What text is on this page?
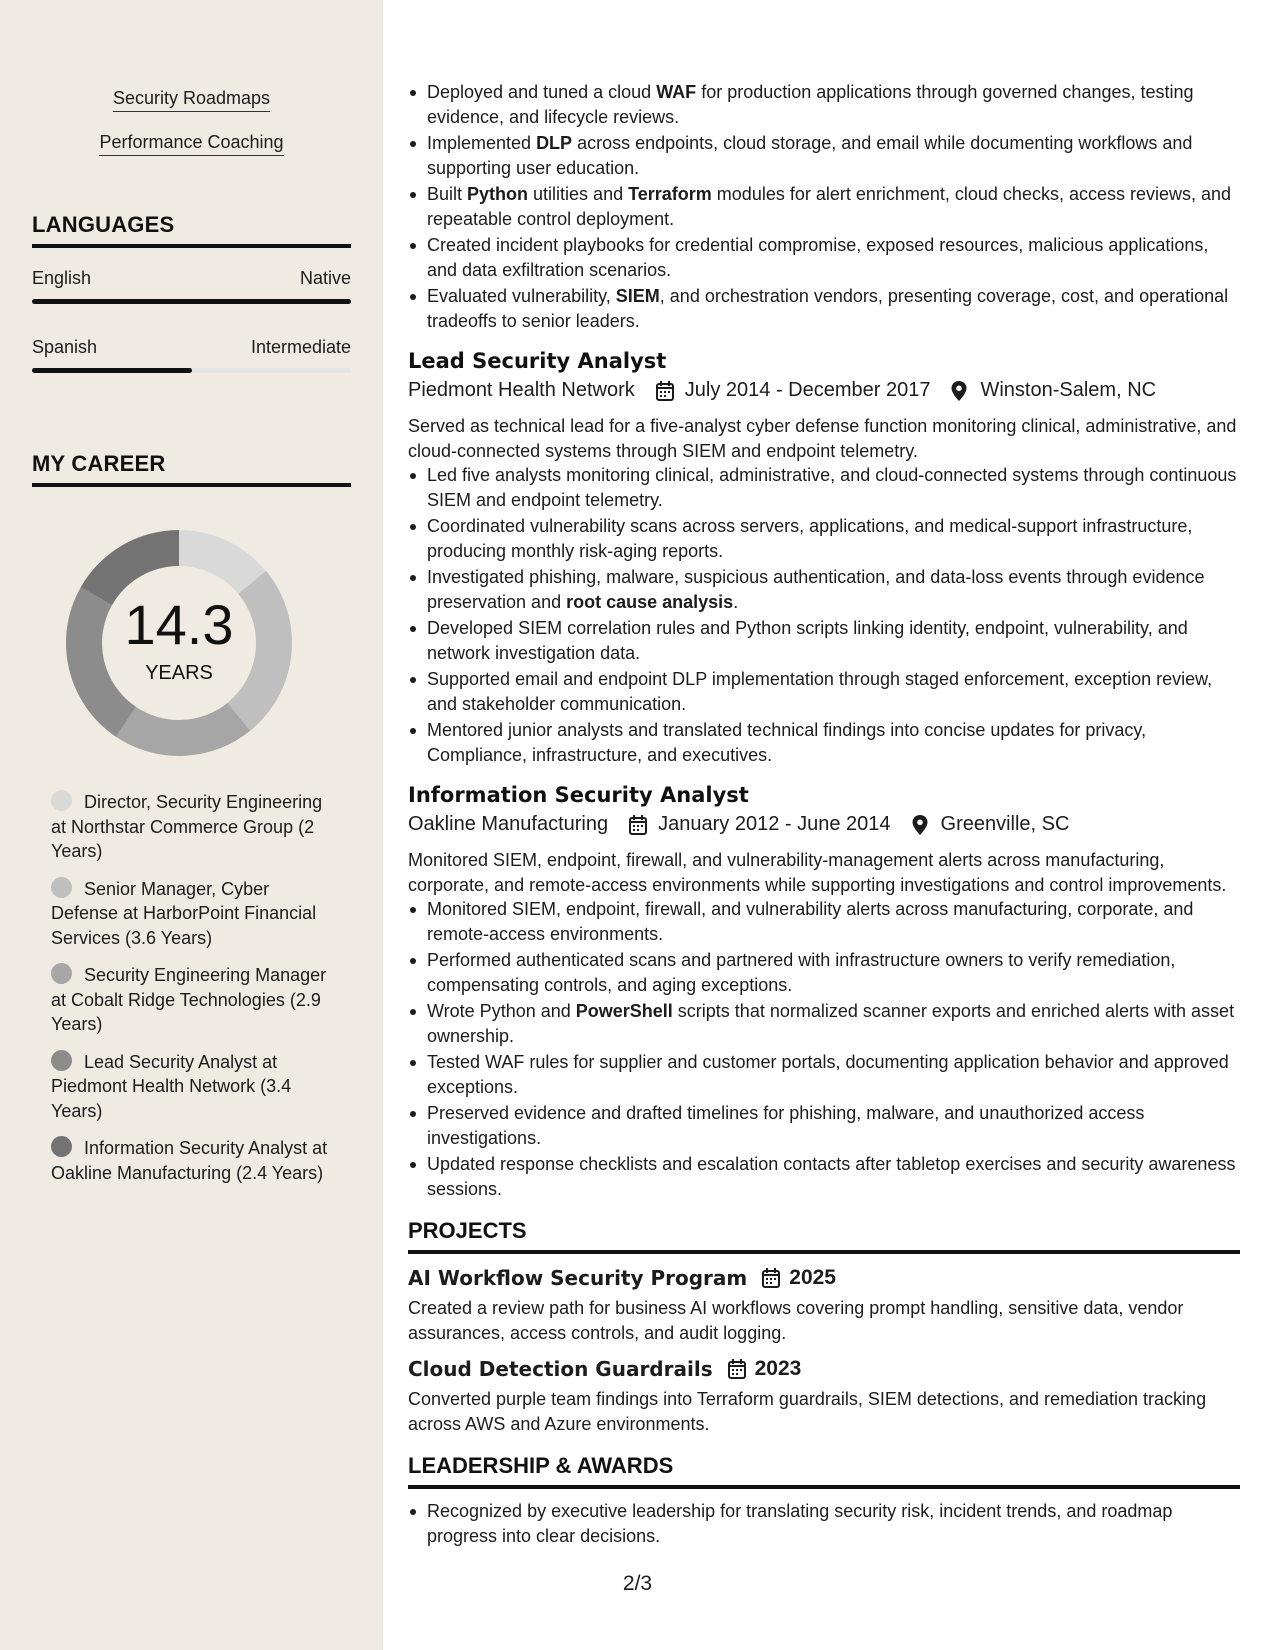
Security Roadmaps
Performance Coaching
LANGUAGES
English	Native
Spanish	Intermediate
MY CAREER
14.3
YEARS
Director, Security Engineering at Northstar Commerce Group (2 Years)
Senior Manager, Cyber Defense at HarborPoint Financial Services (3.6 Years)
Security Engineering Manager at Cobalt Ridge Technologies (2.9 Years)
Lead Security Analyst at Piedmont Health Network (3.4 Years)
Information Security Analyst at Oakline Manufacturing (2.4 Years)
Deployed and tuned a cloud WAF for production applications through governed changes, testing evidence, and lifecycle reviews.
Implemented DLP across endpoints, cloud storage, and email while documenting workflows and supporting user education.
Built Python utilities and Terraform modules for alert enrichment, cloud checks, access reviews, and repeatable control deployment.
Created incident playbooks for credential compromise, exposed resources, malicious applications, and data exfiltration scenarios.
Evaluated vulnerability, SIEM, and orchestration vendors, presenting coverage, cost, and operational tradeoffs to senior leaders.
Lead Security Analyst
Piedmont Health Network	July 2014 - December 2017	Winston-Salem, NC
Served as technical lead for a five-analyst cyber defense function monitoring clinical, administrative, and cloud-connected systems through SIEM and endpoint telemetry.
Led five analysts monitoring clinical, administrative, and cloud-connected systems through continuous SIEM and endpoint telemetry.
Coordinated vulnerability scans across servers, applications, and medical-support infrastructure, producing monthly risk-aging reports.
Investigated phishing, malware, suspicious authentication, and data-loss events through evidence preservation and root cause analysis.
Developed SIEM correlation rules and Python scripts linking identity, endpoint, vulnerability, and network investigation data.
Supported email and endpoint DLP implementation through staged enforcement, exception review, and stakeholder communication.
Mentored junior analysts and translated technical findings into concise updates for privacy, Compliance, infrastructure, and executives.
Information Security Analyst
Oakline Manufacturing	January 2012 - June 2014	Greenville, SC
Monitored SIEM, endpoint, firewall, and vulnerability-management alerts across manufacturing, corporate, and remote-access environments while supporting investigations and control improvements.
Monitored SIEM, endpoint, firewall, and vulnerability alerts across manufacturing, corporate, and remote-access environments.
Performed authenticated scans and partnered with infrastructure owners to verify remediation, compensating controls, and aging exceptions.
Wrote Python and PowerShell scripts that normalized scanner exports and enriched alerts with asset ownership.
Tested WAF rules for supplier and customer portals, documenting application behavior and approved exceptions.
Preserved evidence and drafted timelines for phishing, malware, and unauthorized access investigations.
Updated response checklists and escalation contacts after tabletop exercises and security awareness sessions.
PROJECTS
AI Workflow Security Program 2025
Created a review path for business AI workflows covering prompt handling, sensitive data, vendor assurances, access controls, and audit logging.
Cloud Detection Guardrails 2023
Converted purple team findings into Terraform guardrails, SIEM detections, and remediation tracking across AWS and Azure environments.
LEADERSHIP & AWARDS
Recognized by executive leadership for translating security risk, incident trends, and roadmap progress into clear decisions.
2/3
